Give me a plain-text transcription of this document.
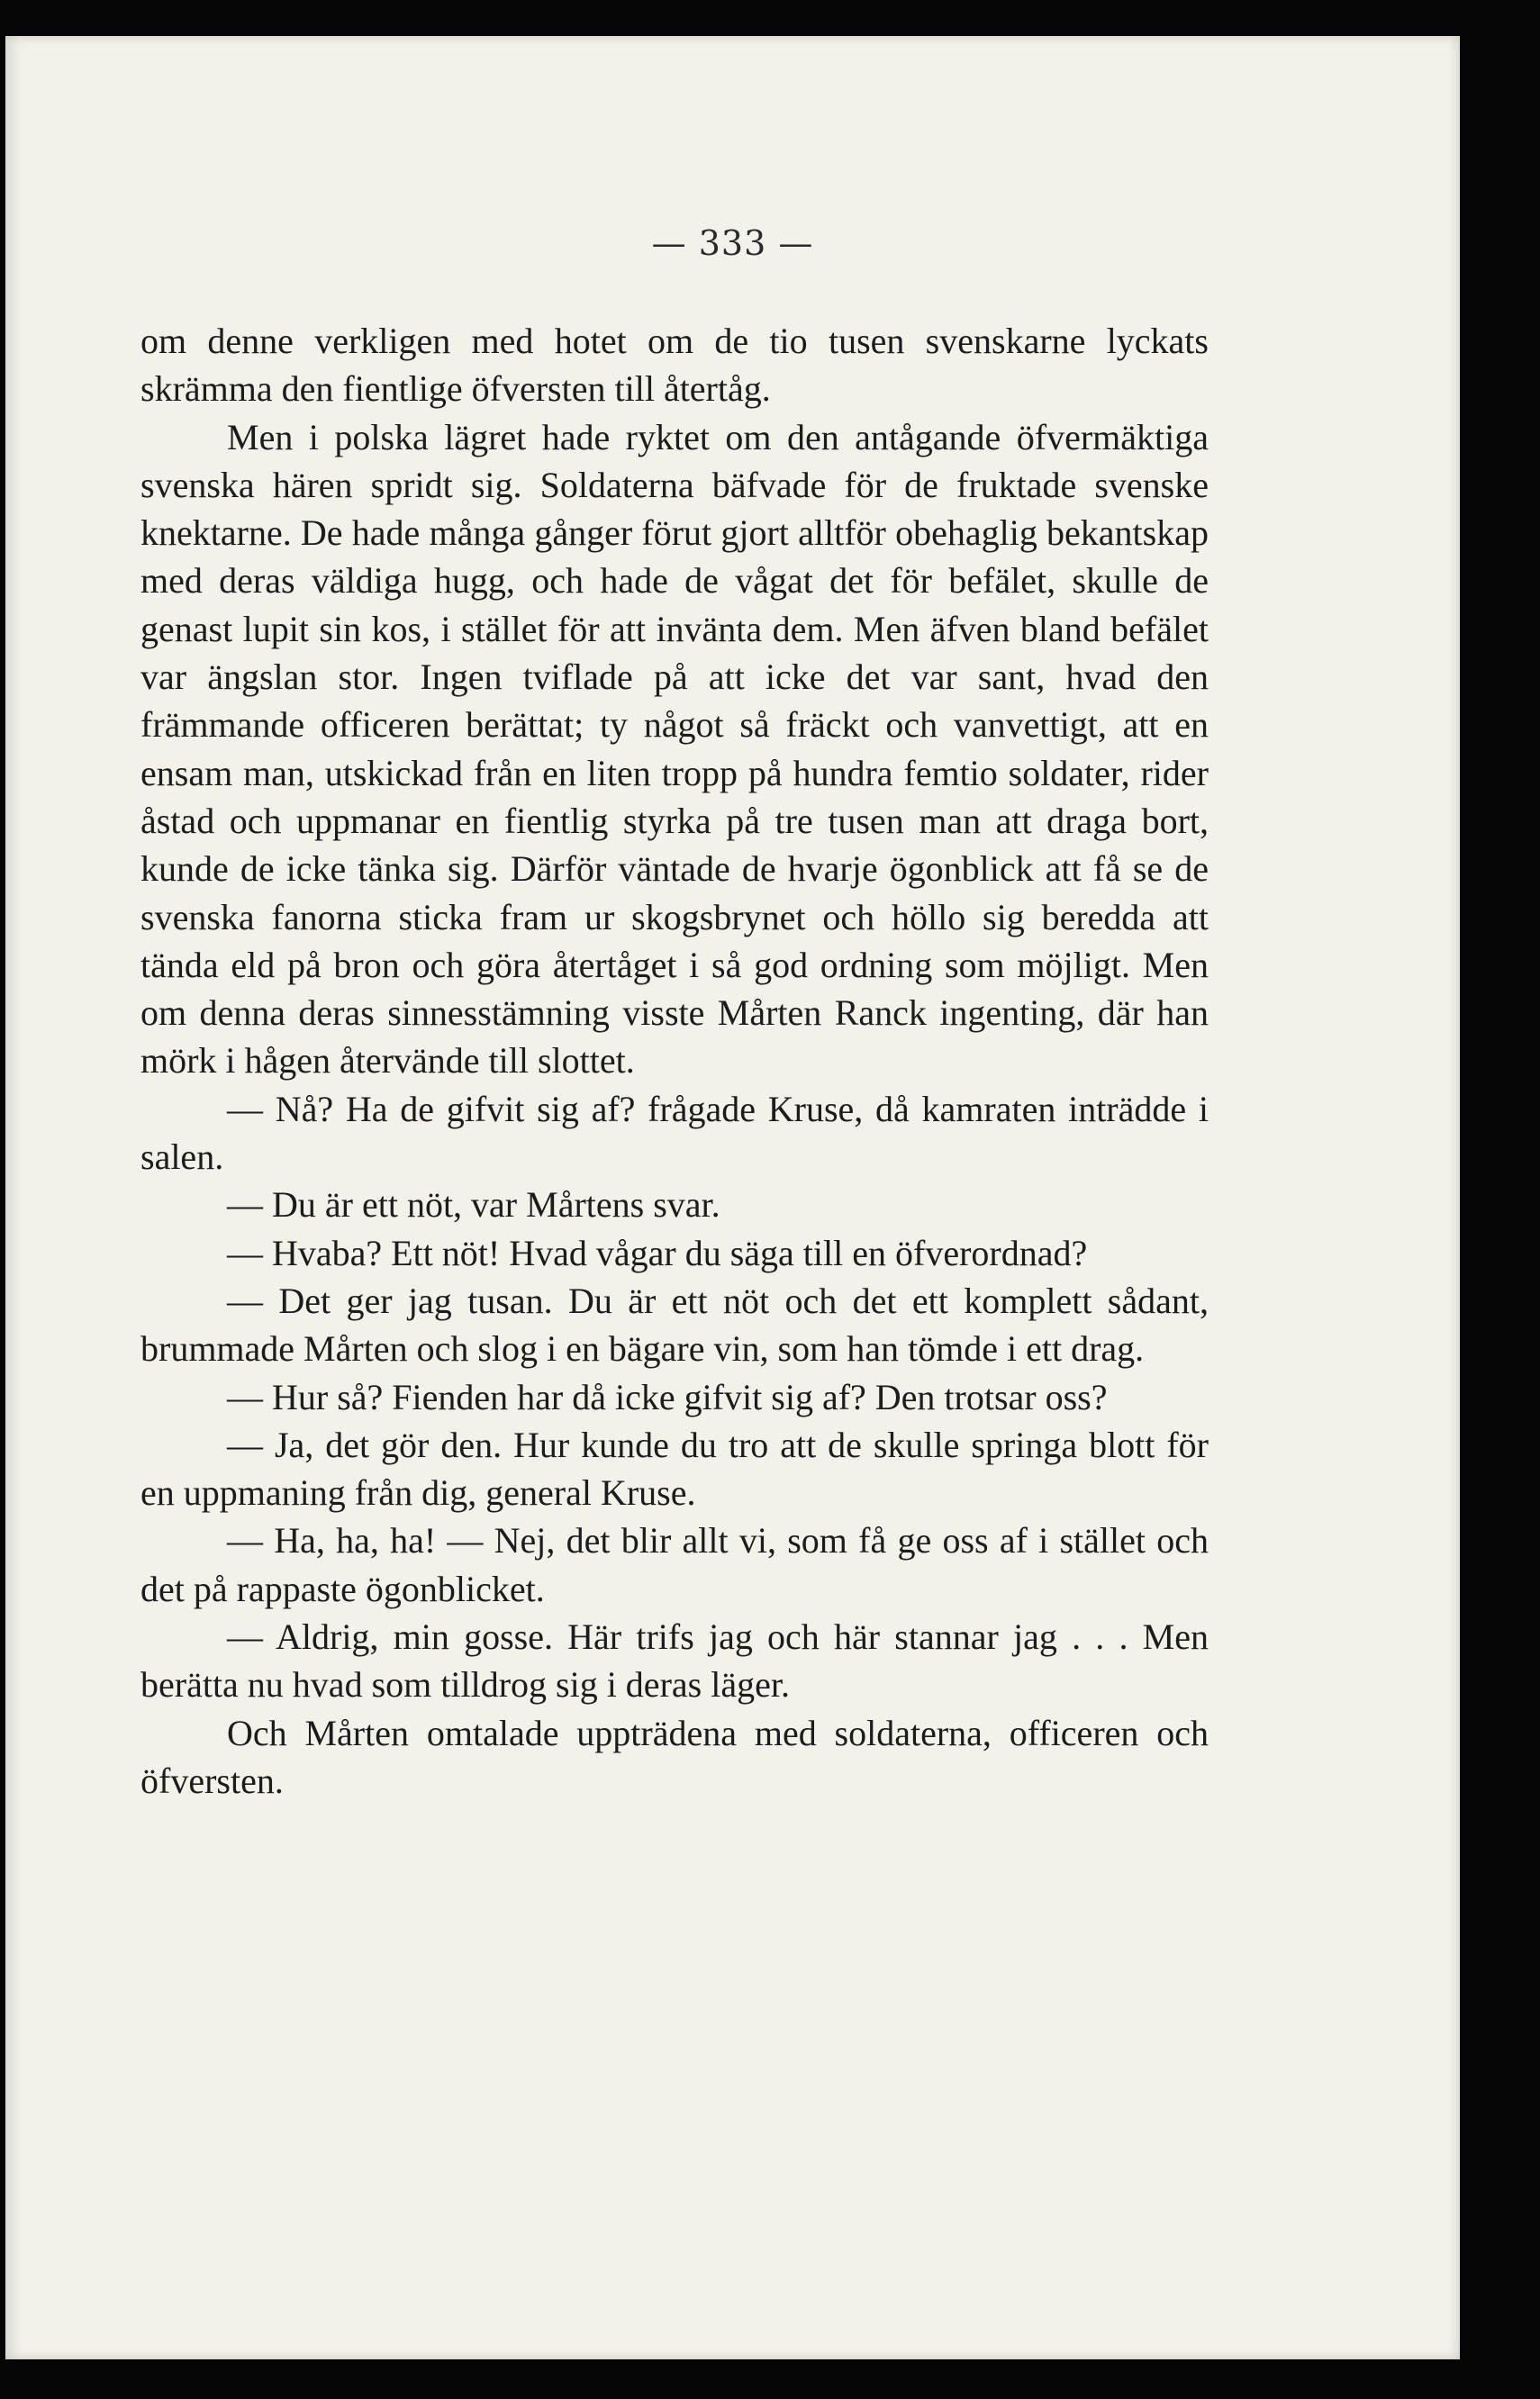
— 333 —

om denne verkligen med hotet om de tio tusen svenskarne lyckats skrämma den fientlige öfversten till återtåg.

Men i polska lägret hade ryktet om den antågande öfvermäktiga svenska hären spridt sig. Soldaterna bäfvade för de fruktade svenske knektarne. De hade många gånger förut gjort alltför obehaglig bekantskap med deras väldiga hugg, och hade de vågat det för befälet, skulle de genast lupit sin kos, i stället för att invänta dem. Men äfven bland befälet var ängslan stor. Ingen tviflade på att icke det var sant, hvad den främmande officeren berättat; ty något så fräckt och vanvettigt, att en ensam man, utskickad från en liten tropp på hundra femtio soldater, rider åstad och uppmanar en fientlig styrka på tre tusen man att draga bort, kunde de icke tänka sig. Därför väntade de hvarje ögonblick att få se de svenska fanorna sticka fram ur skogsbrynet och höllo sig beredda att tända eld på bron och göra återtåget i så god ordning som möjligt. Men om denna deras sinnesstämning visste Mårten Ranck ingenting, där han mörk i hågen återvände till slottet.

— Nå? Ha de gifvit sig af? frågade Kruse, då kamraten inträdde i salen.

— Du är ett nöt, var Mårtens svar.

— Hvaba? Ett nöt! Hvad vågar du säga till en öfverordnad?

— Det ger jag tusan. Du är ett nöt och det ett komplett sådant, brummade Mårten och slog i en bägare vin, som han tömde i ett drag.

— Hur så? Fienden har då icke gifvit sig af? Den trotsar oss?

— Ja, det gör den. Hur kunde du tro att de skulle springa blott för en uppmaning från dig, general Kruse.

— Ha, ha, ha! — Nej, det blir allt vi, som få ge oss af i stället och det på rappaste ögonblicket.

— Aldrig, min gosse. Här trifs jag och här stannar jag . . . Men berätta nu hvad som tilldrog sig i deras läger.

Och Mårten omtalade uppträdena med soldaterna, officeren och öfversten.
